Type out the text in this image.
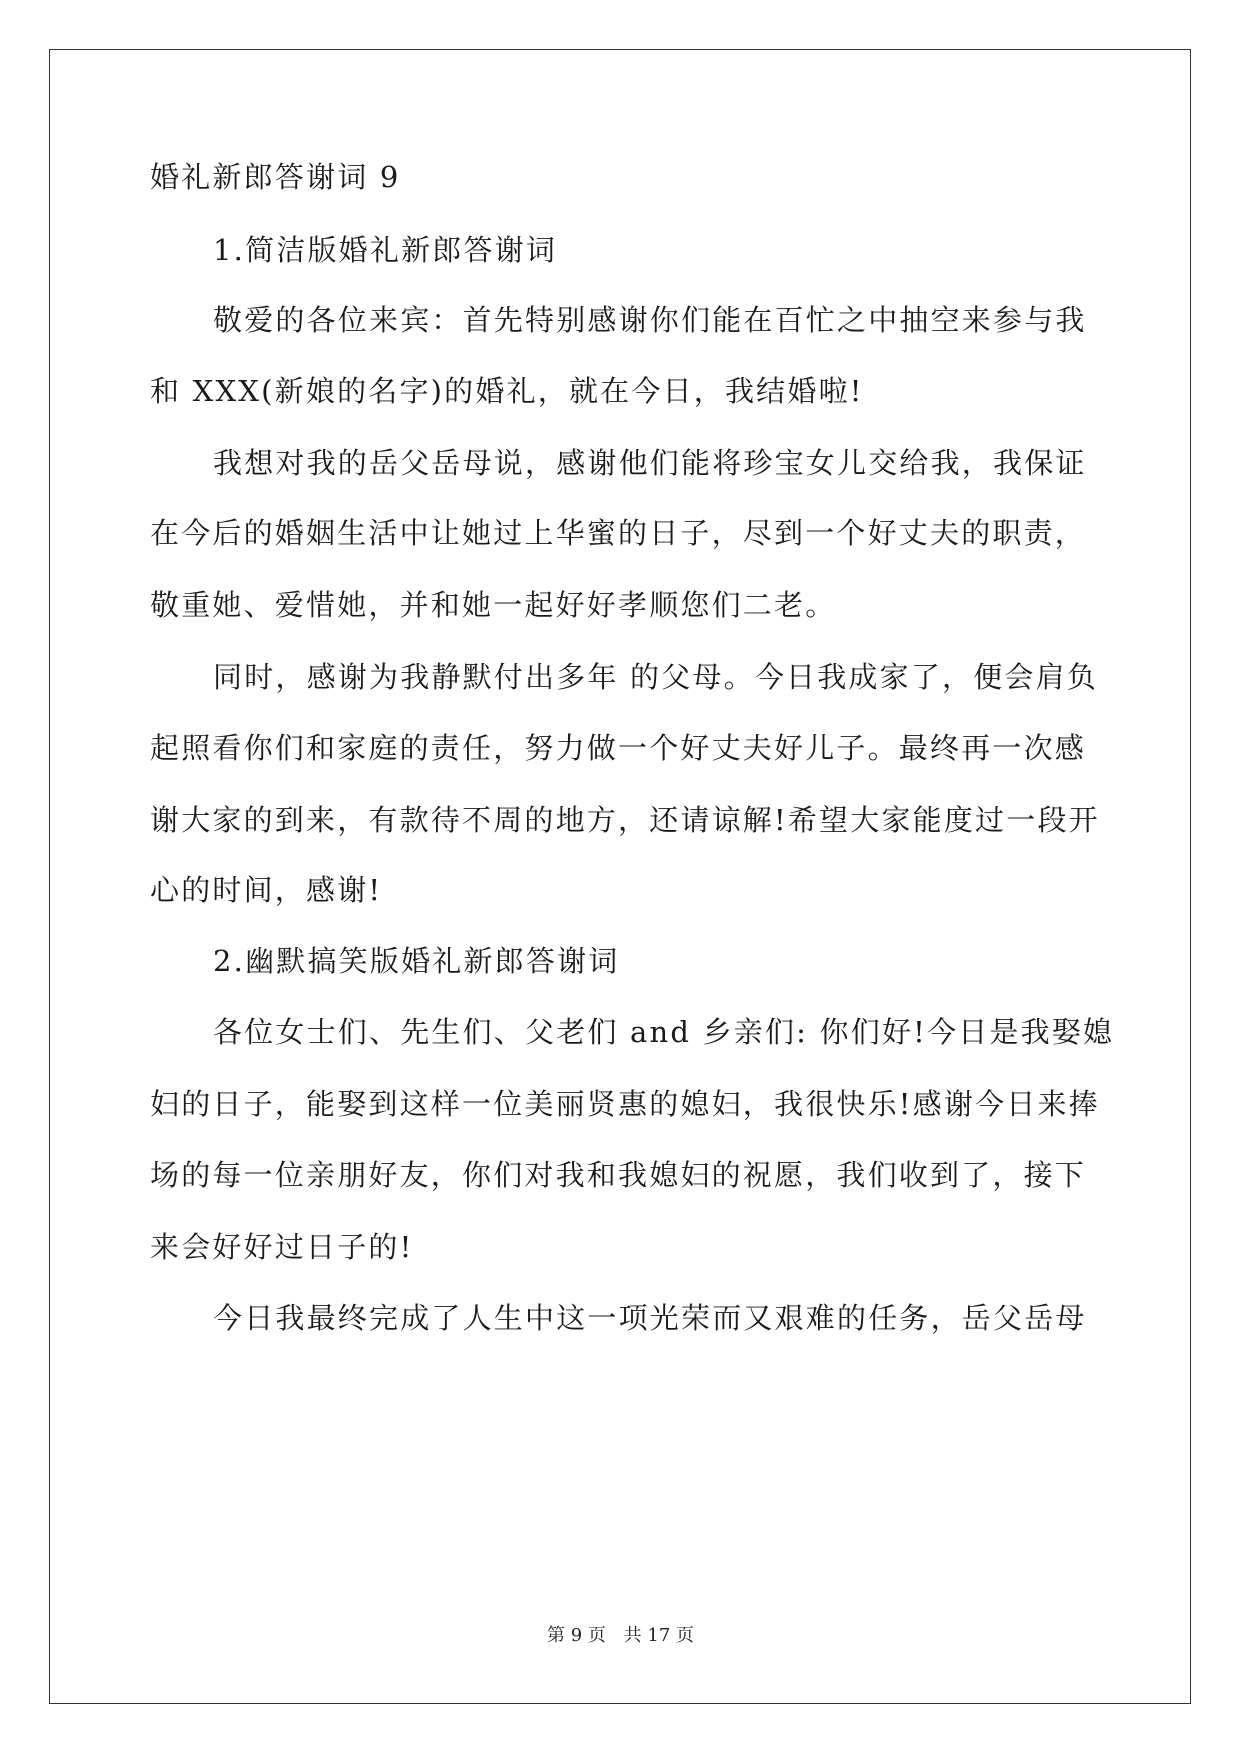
婚礼新郎答谢词 9
1.简洁版婚礼新郎答谢词
敬爱的各位来宾：首先特别感谢你们能在百忙之中抽空来参与我
和 XXX(新娘的名字)的婚礼，就在今日，我结婚啦!
我想对我的岳父岳母说，感谢他们能将珍宝女儿交给我，我保证
在今后的婚姻生活中让她过上华蜜的日子，尽到一个好丈夫的职责，
敬重她、爱惜她，并和她一起好好孝顺您们二老。
同时，感谢为我静默付出多年 的父母。今日我成家了，便会肩负
起照看你们和家庭的责任，努力做一个好丈夫好儿子。最终再一次感
谢大家的到来，有款待不周的地方，还请谅解!希望大家能度过一段开
心的时间，感谢!
2.幽默搞笑版婚礼新郎答谢词
各位女士们、先生们、父老们 and 乡亲们: 你们好!今日是我娶媳
妇的日子，能娶到这样一位美丽贤惠的媳妇，我很快乐!感谢今日来捧
场的每一位亲朋好友，你们对我和我媳妇的祝愿，我们收到了，接下
来会好好过日子的!
今日我最终完成了人生中这一项光荣而又艰难的任务，岳父岳母
第 9 页 共 17 页
